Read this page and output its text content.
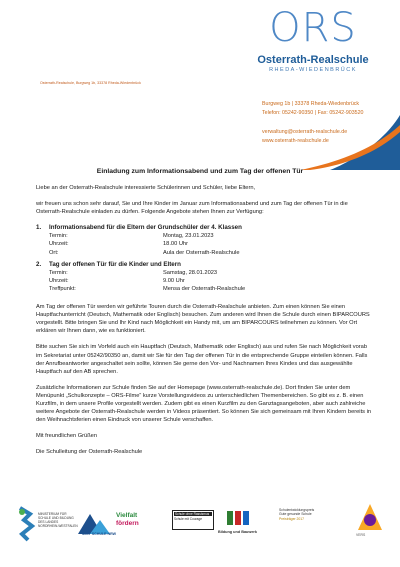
ORS
Osterrath-Realschule
RHEDA-WIEDENBRÜCK
Osterrath-Realschule, Burgweg 1b, 33378 Rheda-Wiedenbrück
Burgweg 1b | 33378 Rheda-Wiedenbrück
Telefon: 05242-90350 | Fax: 05242-903520
verwaltung@osterrath-realschule.de
www.osterrath-realschule.de
Einladung zum Informationsabend und zum Tag der offenen Tür

Liebe an der Osterrath-Realschule interessierte Schülerinnen und Schüler, liebe Eltern,

wir freuen uns schon sehr darauf, Sie und Ihre Kinder im Januar zum Informationsabend und zum Tag der offenen Tür in die Osterrath-Realschule einladen zu dürfen. Folgende Angebote stehen Ihnen zur Verfügung:

1.	Informationsabend für die Eltern der Grundschüler der 4. Klassen
Termin:	Montag, 23.01.2023
Uhrzeit:	18.00 Uhr
Ort:	Aula der Osterrath-Realschule
2.	Tag der offenen Tür für die Kinder und Eltern
Termin:	Samstag, 28.01.2023
Uhrzeit:	9.00 Uhr
Treffpunkt:	Mensa der Osterrath-Realschule

Am Tag der offenen Tür werden wir geführte Touren durch die Osterrath-Realschule anbieten. Zum einen können Sie einen Hauptfachunterricht (Deutsch, Mathematik oder Englisch) besuchen. Zum anderen wird Ihnen die Schule durch einen BIPARCOURS vorgestellt. Bitte bringen Sie und Ihr Kind nach Möglichkeit ein Handy mit, um am BIPARCOURS teilnehmen zu können. Vor Ort erklären wir Ihnen dann, wie es funktioniert.

Bitte suchen Sie sich im Vorfeld auch ein Hauptfach (Deutsch, Mathematik oder Englisch) aus und rufen Sie nach Möglichkeit vorab im Sekretariat unter 05242/90350 an, damit wir Sie für den Tag der offenen Tür in die entsprechende Gruppe einteilen können. Falls der Anrufbeantworter angeschaltet sein sollte, können Sie gerne den Vor- und Nachnamen Ihres Kindes und das ausgewählte Hauptfach auf den AB sprechen.

Zusätzliche Informationen zur Schule finden Sie auf der Homepage (www.osterrath-realschule.de). Dort finden Sie unter dem Menüpunkt „Schulkonzepte – ORS-Filme“ kurze Vorstellungsvideos zu unterschiedlichen Themenbereichen. So gibt es z. B. einen Kurzfilm, in dem unsere Profile vorgestellt werden. Zudem gibt es einen Kurzfilm zu den Ganztagsangeboten, aber auch zahlreiche weitere Angebote der Osterrath-Realschule werden in Videos präsentiert. So können Sie sich gemeinsam mit Ihren Kindern bereits in den Weihnachtsferien einen Eindruck von unserer Schule verschaffen.

Mit freundlichen Grüßen

Die Schulleitung der Osterrath-Realschule

MINISTERIUM FÜR
SCHULE UND BILDUNG
DES LANDES
NORDRHEIN-WESTFALEN
MINT SCHULE NRW
Vielfalt
fördern
Schule ohne Rassismus
Schule mit Courage
Bildung und Bauwerk
Schulentwicklungspreis
Gute gesunde Schule
Preisträger 2017
VERS
